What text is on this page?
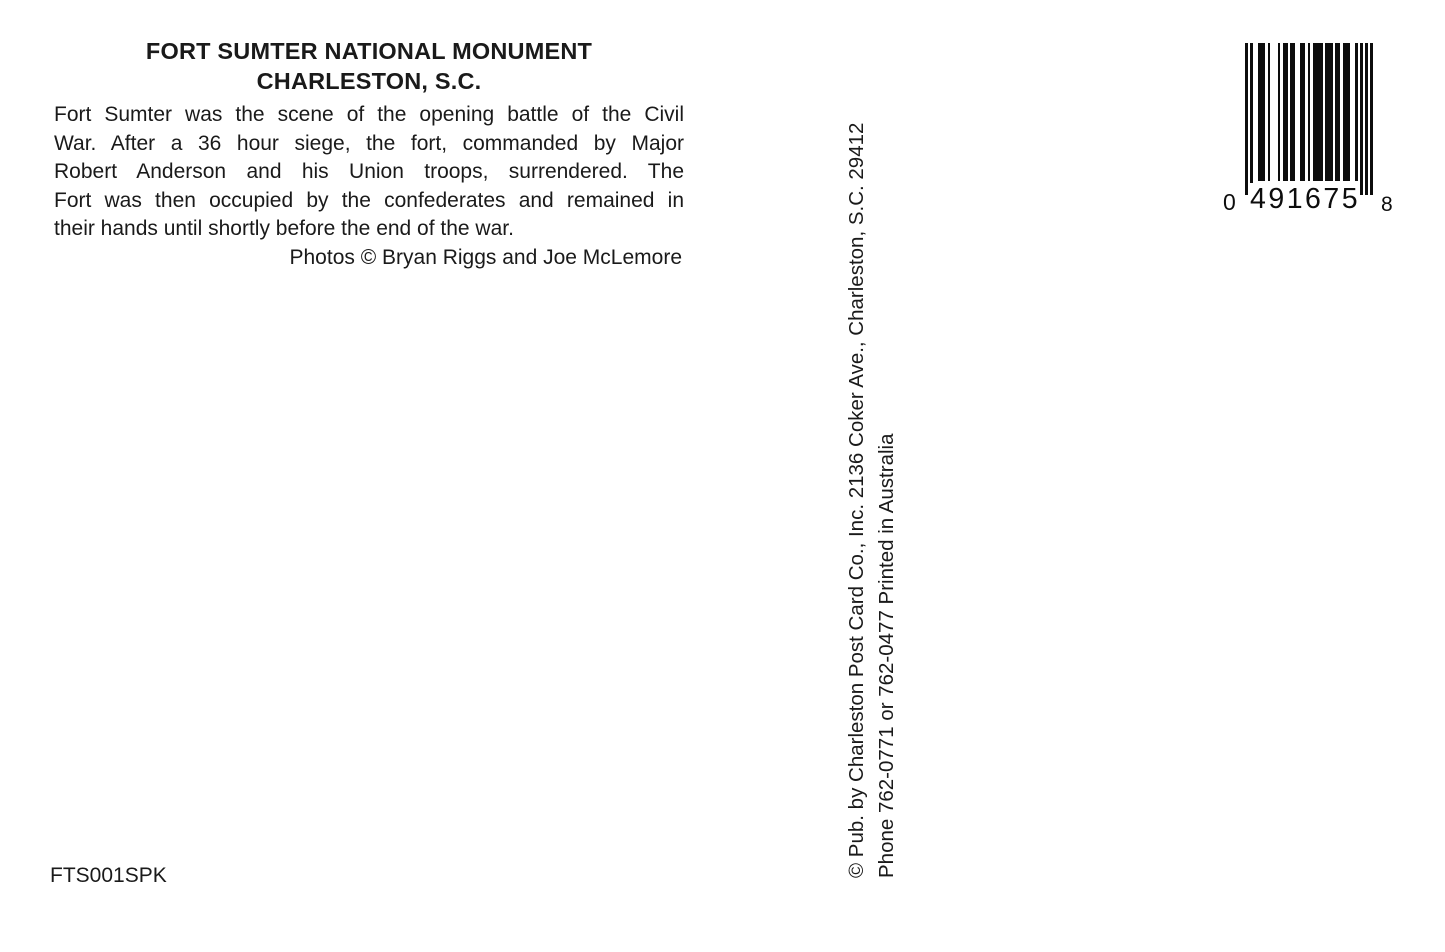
FORT SUMTER NATIONAL MONUMENT
CHARLESTON, S.C.
Fort Sumter was the scene of the opening battle of the Civil
War. After a 36 hour siege, the fort, commanded by Major
Robert Anderson and his Union troops, surrendered. The
Fort was then occupied by the confederates and remained in
their hands until shortly before the end of the war.
Photos © Bryan Riggs and Joe McLemore	© Pub. by Charleston Post Card Co., Inc. 2136 Coker Ave., Charleston, S.C. 29412 Phone 762-0771 or 762-0477 Printed in Australia
0 491675 8
FTS001SPK
